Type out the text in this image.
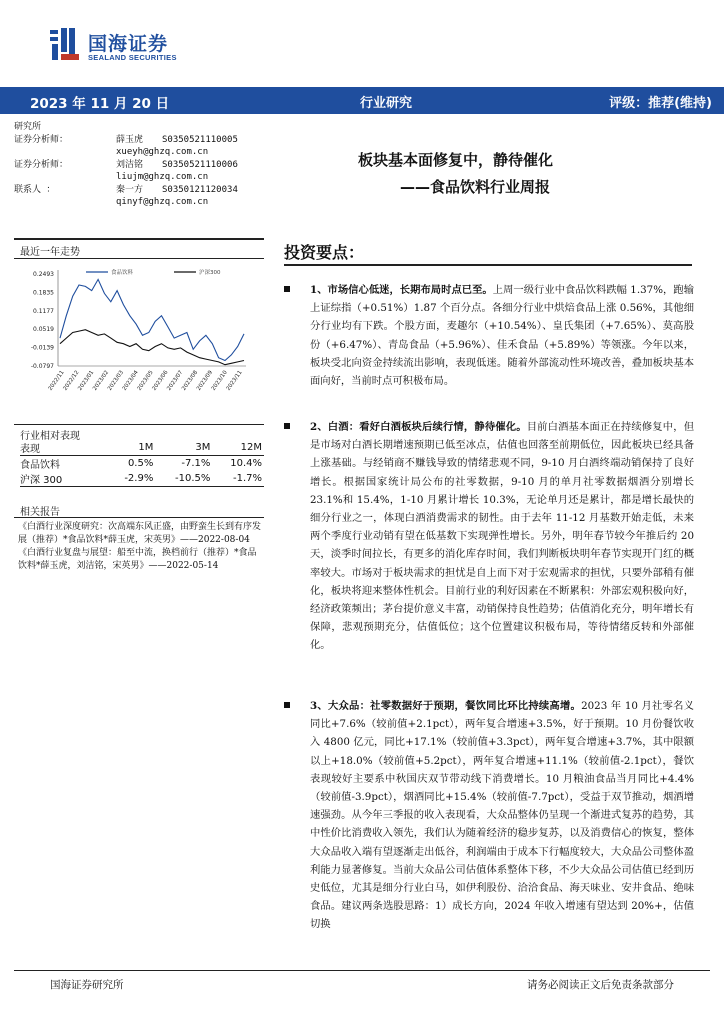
国海证券
SEALAND SECURITIES
2023 年 11 月 20 日	行业研究	评级：推荐(维持)
研究所
证券分析师：	薛玉虎 S0350521110005
xueyh@ghzq.com.cn
证券分析师：	刘洁铭 S0350521110006
liujm@ghzq.com.cn
联系人 ：	秦一方 S0350121120034
qinyf@ghzq.com.cn
板块基本面修复中，静待催化
——食品饮料行业周报
最近一年走势
0.2493
0.1835
0.1177
0.0519
-0.0139
-0.0797
2022/11
2022/12
2023/01
2023/02
2023/03
2023/04
2023/05
2023/06
2023/07
2023/08
2023/09
2023/10
2023/11
食品饮料	沪深300
行业相对表现
表现	1M	3M	12M
食品饮料	0.5%	-7.1%	10.4%
沪深 300	-2.9%	-10.5%	-1.7%
相关报告
《白酒行业深度研究：次高端东风正盛，由野蛮生长到有序发展（推荐）*食品饮料*薛玉虎，宋英男》——2022-08-04
《白酒行业复盘与展望：船至中流，换档前行（推荐）*食品饮料*薛玉虎，刘洁铭，宋英男》——2022-05-14
投资要点：
1、市场信心低迷，长期布局时点已至。上周一级行业中食品饮料跌幅 1.37%，跑输上证综指（+0.51%）1.87 个百分点。各细分行业中烘焙食品上涨 0.56%，其他细分行业均有下跌。个股方面，麦趣尔（+10.54%）、皇氏集团（+7.65%）、莫高股份（+6.47%）、青岛食品（+5.96%）、佳禾食品（+5.89%）等领涨。今年以来，板块受北向资金持续流出影响，表现低迷。随着外部流动性环境改善，叠加板块基本面向好，当前时点可积极布局。
2、白酒：看好白酒板块后续行情，静待催化。目前白酒基本面正在持续修复中，但是市场对白酒长期增速预期已低至冰点，估值也回落至前期低位，因此板块已经具备上涨基础。与经销商不赚钱导致的情绪悲观不同，9-10 月白酒终端动销保持了良好增长。根据国家统计局公布的社零数据，9-10 月的单月社零数据烟酒分别增长23.1%和 15.4%，1-10 月累计增长 10.3%，无论单月还是累计，都是增长最快的细分行业之一，体现白酒消费需求的韧性。由于去年 11-12 月基数开始走低，未来两个季度行业动销有望在低基数下实现弹性增长。另外，明年春节较今年推后约 20 天，淡季时间拉长，有更多的消化库存时间，我们判断板块明年春节实现开门红的概率较大。市场对于板块需求的担忧是自上而下对于宏观需求的担忧，只要外部稍有催化，板块将迎来整体性机会。目前行业的利好因素在不断累积：外部宏观积极向好，经济政策频出；茅台提价意义丰富，动销保持良性趋势；估值消化充分，明年增长有保障，悲观预期充分，估值低位；这个位置建议积极布局，等待情绪反转和外部催化。
3、大众品：社零数据好于预期，餐饮同比环比持续高增。2023 年 10 月社零名义同比+7.6%（较前值+2.1pct），两年复合增速+3.5%，好于预期。10 月份餐饮收入 4800 亿元，同比+17.1%（较前值+3.3pct），两年复合增速+3.7%，其中限额以上+18.0%（较前值+5.2pct），两年复合增速+11.1%（较前值-2.1pct），餐饮表现较好主要系中秋国庆双节带动线下消费增长。10 月粮油食品当月同比+4.4%（较前值-3.9pct），烟酒同比+15.4%（较前值-7.7pct），受益于双节推动，烟酒增速强劲。从今年三季报的收入表现看，大众品整体仍呈现一个渐进式复苏的趋势，其中性价比消费收入领先，我们认为随着经济的稳步复苏，以及消费信心的恢复，整体大众品收入端有望逐渐走出低谷，利润端由于成本下行幅度较大，大众品公司整体盈利能力显著修复。当前大众品公司估值体系整体下移，不少大众品公司估值已经到历史低位，尤其是细分行业白马，如伊利股份、洽洽食品、海天味业、安井食品、绝味食品。建议两条选股思路：1）成长方向，2024 年收入增速有望达到 20%+，估值切换
国海证券研究所	请务必阅读正文后免责条款部分
